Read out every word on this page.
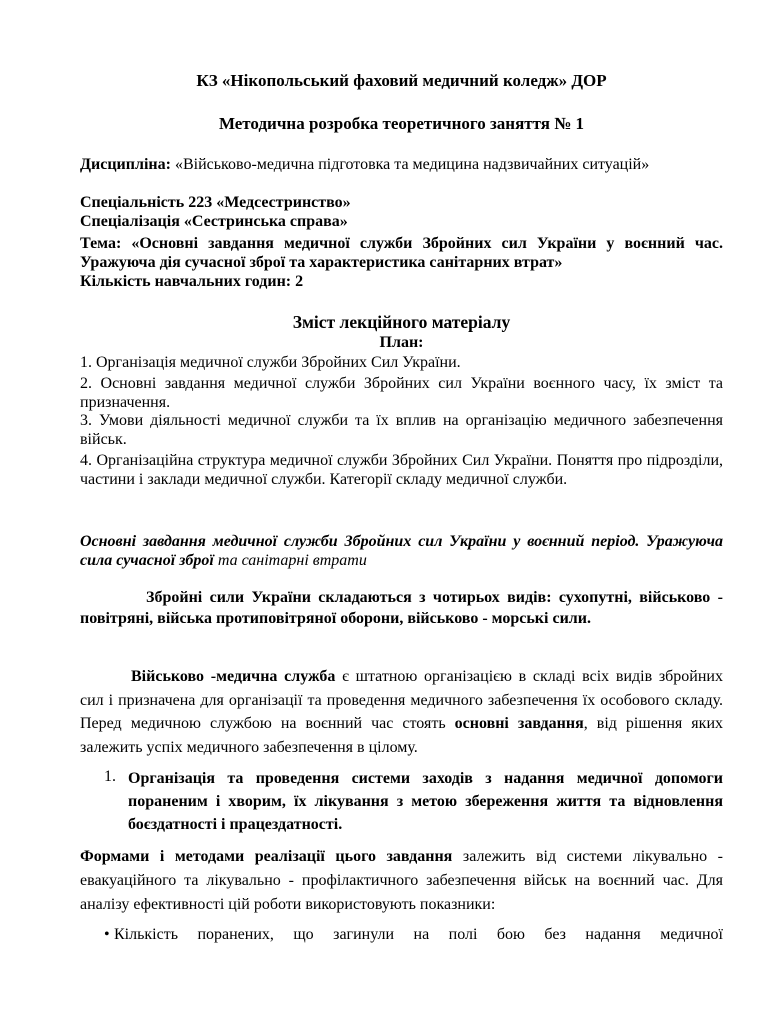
КЗ «Нікопольський фаховий медичний коледж» ДОР
Методична розробка теоретичного заняття № 1
Дисципліна: «Військово-медична підготовка та медицина надзвичайних ситуацій»
Спеціальність 223 «Медсестринство»
Спеціалізація «Сестринська справа»
Тема: «Основні завдання медичної служби Збройних сил України у воєнний час. Уражуюча дія сучасної зброї та характеристика санітарних втрат»
Кількість навчальних годин: 2
Зміст лекційного матеріалу
План:
1. Організація медичної служби Збройних Сил України.
2. Основні завдання медичної служби Збройних сил України воєнного часу, їх зміст та призначення.
3. Умови діяльності медичної служби та їх вплив на організацію медичного забезпечення військ.
4. Організаційна структура медичної служби Збройних Сил України. Поняття про підрозділи, частини і заклади медичної служби. Категорії складу медичної служби.
Основні завдання медичної служби Збройних сил України у воєнний період. Уражуюча сила сучасної зброї та санітарні втрати
Збройні сили України складаються з чотирьох видів: сухопутні, військово - повітряні, війська протиповітряної оборони, військово - морські сили.
Військово -медична служба є штатною організацією в складі всіх видів збройних сил і призначена для організації та проведення медичного забезпечення їх особового складу. Перед медичною службою на воєнний час стоять основні завдання, від рішення яких залежить успіх медичного забезпечення в цілому.
1. Організація та проведення системи заходів з надання медичної допомоги пораненим і хворим, їх лікування з метою збереження життя та відновлення боєздатності і працездатності.
Формами і методами реалізації цього завдання залежить від системи лікувально - евакуаційного та лікувально - профілактичного забезпечення військ на воєнний час. Для аналізу ефективності цій роботи використовують показники:
• Кількість поранених, що загинули на полі бою без надання медичної
